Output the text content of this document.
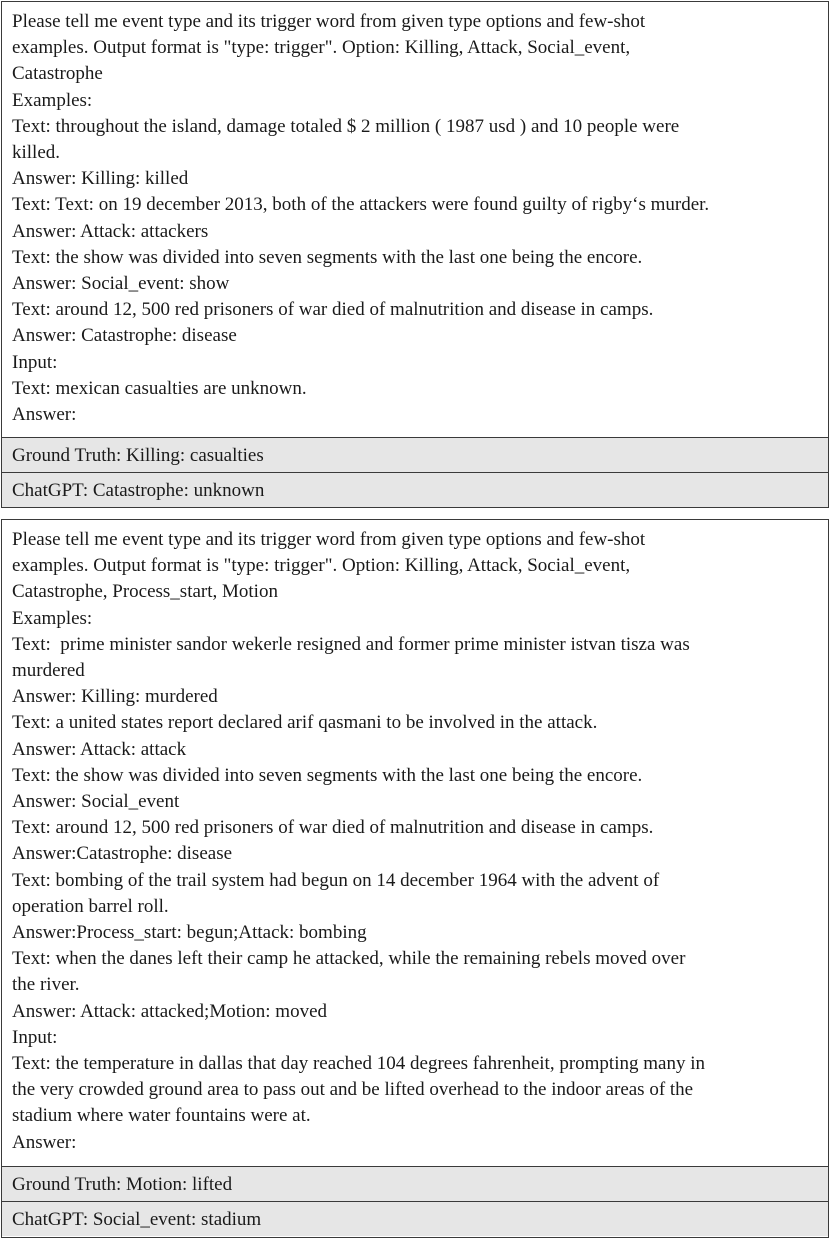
Please tell me event type and its trigger word from given type options and few-shot
examples. Output format is "type: trigger". Option: Killing, Attack, Social_event,
Catastrophe
Examples:
Text: throughout the island, damage totaled $ 2 million ( 1987 usd ) and 10 people were
killed.
Answer: Killing: killed
Text: Text: on 19 december 2013, both of the attackers were found guilty of rigby‘s murder.
Answer: Attack: attackers
Text: the show was divided into seven segments with the last one being the encore.
Answer: Social_event: show
Text: around 12, 500 red prisoners of war died of malnutrition and disease in camps.
Answer: Catastrophe: disease
Input:
Text: mexican casualties are unknown.
Answer:
Ground Truth: Killing: casualties
ChatGPT: Catastrophe: unknown
Please tell me event type and its trigger word from given type options and few-shot
examples. Output format is "type: trigger". Option: Killing, Attack, Social_event,
Catastrophe, Process_start, Motion
Examples:
Text:  prime minister sandor wekerle resigned and former prime minister istvan tisza was
murdered
Answer: Killing: murdered
Text: a united states report declared arif qasmani to be involved in the attack.
Answer: Attack: attack
Text: the show was divided into seven segments with the last one being the encore.
Answer: Social_event
Text: around 12, 500 red prisoners of war died of malnutrition and disease in camps.
Answer:Catastrophe: disease
Text: bombing of the trail system had begun on 14 december 1964 with the advent of
operation barrel roll.
Answer:Process_start: begun;Attack: bombing
Text: when the danes left their camp he attacked, while the remaining rebels moved over
the river.
Answer: Attack: attacked;Motion: moved
Input:
Text: the temperature in dallas that day reached 104 degrees fahrenheit, prompting many in
the very crowded ground area to pass out and be lifted overhead to the indoor areas of the
stadium where water fountains were at.
Answer:
Ground Truth: Motion: lifted
ChatGPT: Social_event: stadium
